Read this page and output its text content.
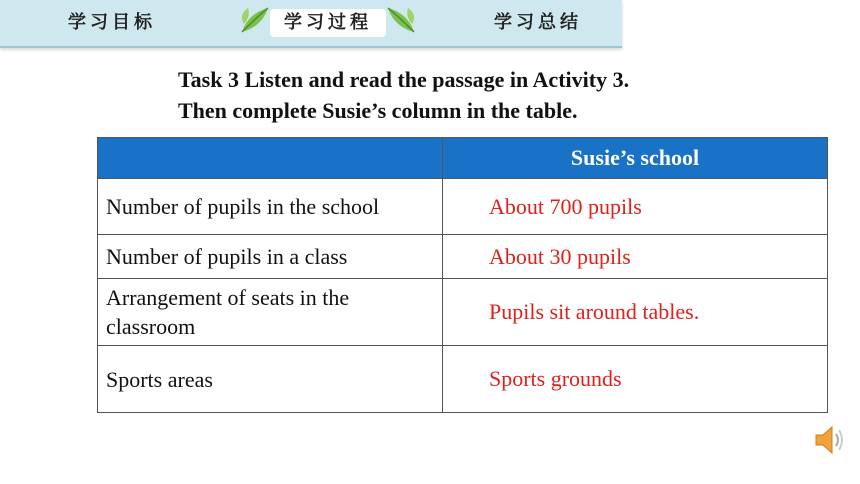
学习目标	学习过程	学习总结
Task 3 Listen and read the passage in Activity 3.
Then complete Susie’s column in the table.
	Susie’s school
Number of pupils in the school	About 700 pupils
Number of pupils in a class	About 30 pupils
Arrangement of seats in the classroom	Pupils sit around tables.
Sports areas	Sports grounds
